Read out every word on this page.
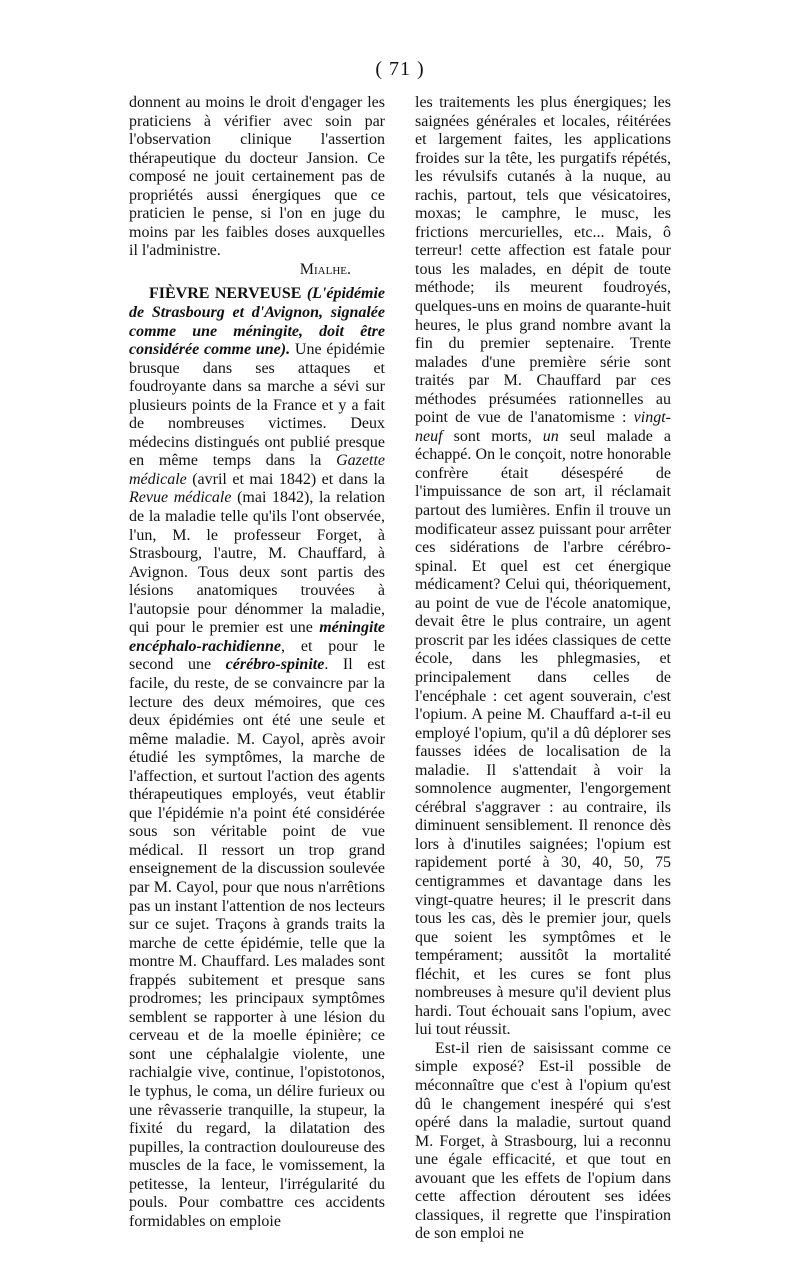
( 71 )

donnent au moins le droit d'engager les praticiens à vérifier avec soin par l'observation clinique l'assertion thérapeutique du docteur Jansion. Ce composé ne jouit certainement pas de propriétés aussi énergiques que ce praticien le pense, si l'on en juge du moins par les faibles doses auxquelles il l'administre.

Mialhe.

FIÈVRE NERVEUSE (L'épidémie de Strasbourg et d'Avignon, signalée comme une méningite, doit être considérée comme une). Une épidémie brusque dans ses attaques et foudroyante dans sa marche a sévi sur plusieurs points de la France et y a fait de nombreuses victimes. Deux médecins distingués ont publié presque en même temps dans la Gazette médicale (avril et mai 1842) et dans la Revue médicale (mai 1842), la relation de la maladie telle qu'ils l'ont observée, l'un, M. le professeur Forget, à Strasbourg, l'autre, M. Chauffard, à Avignon. Tous deux sont partis des lésions anatomiques trouvées à l'autopsie pour dénommer la maladie, qui pour le premier est une méningite encéphalo-rachidienne, et pour le second une cérébro-spinite. Il est facile, du reste, de se convaincre par la lecture des deux mémoires, que ces deux épidémies ont été une seule et même maladie. M. Cayol, après avoir étudié les symptômes, la marche de l'affection, et surtout l'action des agents thérapeutiques employés, veut établir que l'épidémie n'a point été considérée sous son véritable point de vue médical. Il ressort un trop grand enseignement de la discussion soulevée par M. Cayol, pour que nous n'arrêtions pas un instant l'attention de nos lecteurs sur ce sujet. Traçons à grands traits la marche de cette épidémie, telle que la montre M. Chauffard. Les malades sont frappés subitement et presque sans prodromes; les principaux symptômes semblent se rapporter à une lésion du cerveau et de la moelle épinière; ce sont une céphalalgie violente, une rachialgie vive, continue, l'opistotonos, le typhus, le coma, un délire furieux ou une rêvasserie tranquille, la stupeur, la fixité du regard, la dilatation des pupilles, la contraction douloureuse des muscles de la face, le vomissement, la petitesse, la lenteur, l'irrégularité du pouls. Pour combattre ces accidents formidables on emploie

les traitements les plus énergiques; les saignées générales et locales, réitérées et largement faites, les applications froides sur la tête, les purgatifs répétés, les révulsifs cutanés à la nuque, au rachis, partout, tels que vésicatoires, moxas; le camphre, le musc, les frictions mercurielles, etc... Mais, ô terreur! cette affection est fatale pour tous les malades, en dépit de toute méthode; ils meurent foudroyés, quelques-uns en moins de quarante-huit heures, le plus grand nombre avant la fin du premier septenaire. Trente malades d'une première série sont traités par M. Chauffard par ces méthodes présumées rationnelles au point de vue de l'anatomisme : vingt-neuf sont morts, un seul malade a échappé. On le conçoit, notre honorable confrère était désespéré de l'impuissance de son art, il réclamait partout des lumières. Enfin il trouve un modificateur assez puissant pour arrêter ces sidérations de l'arbre cérébro-spinal. Et quel est cet énergique médicament? Celui qui, théoriquement, au point de vue de l'école anatomique, devait être le plus contraire, un agent proscrit par les idées classiques de cette école, dans les phlegmasies, et principalement dans celles de l'encéphale : cet agent souverain, c'est l'opium. A peine M. Chauffard a-t-il eu employé l'opium, qu'il a dû déplorer ses fausses idées de localisation de la maladie. Il s'attendait à voir la somnolence augmenter, l'engorgement cérébral s'aggraver : au contraire, ils diminuent sensiblement. Il renonce dès lors à d'inutiles saignées; l'opium est rapidement porté à 30, 40, 50, 75 centigrammes et davantage dans les vingt-quatre heures; il le prescrit dans tous les cas, dès le premier jour, quels que soient les symptômes et le tempérament; aussitôt la mortalité fléchit, et les cures se font plus nombreuses à mesure qu'il devient plus hardi. Tout échouait sans l'opium, avec lui tout réussit.

Est-il rien de saisissant comme ce simple exposé? Est-il possible de méconnaître que c'est à l'opium qu'est dû le changement inespéré qui s'est opéré dans la maladie, surtout quand M. Forget, à Strasbourg, lui a reconnu une égale efficacité, et que tout en avouant que les effets de l'opium dans cette affection déroutent ses idées classiques, il regrette que l'inspiration de son emploi ne
